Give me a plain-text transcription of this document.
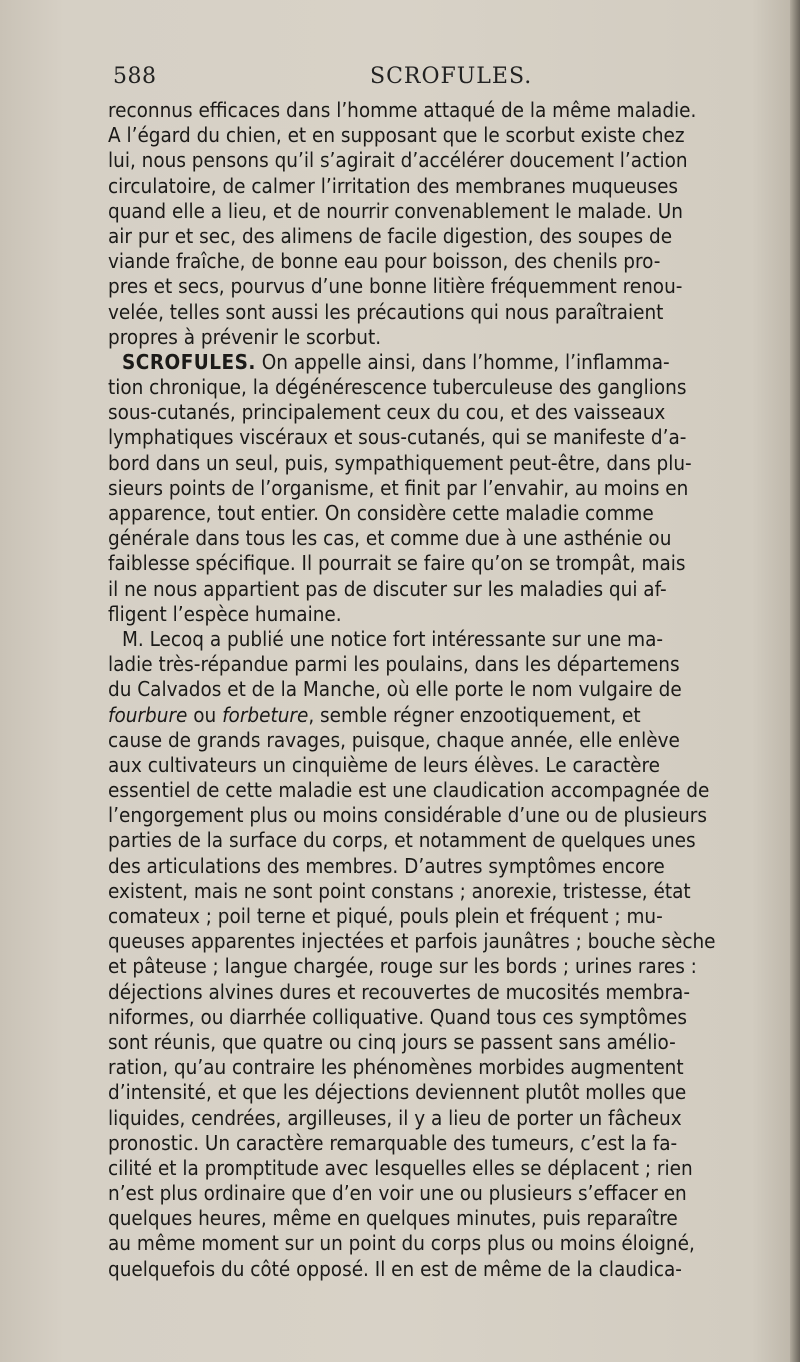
588	SCROFULES.
reconnus efficaces dans l’homme attaqué de la même maladie.
A l’égard du chien, et en supposant que le scorbut existe chez
lui, nous pensons qu’il s’agirait d’accélérer doucement l’action
circulatoire, de calmer l’irritation des membranes muqueuses
quand elle a lieu, et de nourrir convenablement le malade. Un
air pur et sec, des alimens de facile digestion, des soupes de
viande fraîche, de bonne eau pour boisson, des chenils pro-
pres et secs, pourvus d’une bonne litière fréquemment renou-
velée, telles sont aussi les précautions qui nous paraîtraient
propres à prévenir le scorbut.
SCROFULES. On appelle ainsi, dans l’homme, l’inflamma-
tion chronique, la dégénérescence tuberculeuse des ganglions
sous-cutanés, principalement ceux du cou, et des vaisseaux
lymphatiques viscéraux et sous-cutanés, qui se manifeste d’a-
bord dans un seul, puis, sympathiquement peut-être, dans plu-
sieurs points de l’organisme, et finit par l’envahir, au moins en
apparence, tout entier. On considère cette maladie comme
générale dans tous les cas, et comme due à une asthénie ou
faiblesse spécifique. Il pourrait se faire qu’on se trompât, mais
il ne nous appartient pas de discuter sur les maladies qui af-
fligent l’espèce humaine.
M. Lecoq a publié une notice fort intéressante sur une ma-
ladie très-répandue parmi les poulains, dans les départemens
du Calvados et de la Manche, où elle porte le nom vulgaire de
fourbure ou forbeture, semble régner enzootiquement, et
cause de grands ravages, puisque, chaque année, elle enlève
aux cultivateurs un cinquième de leurs élèves. Le caractère
essentiel de cette maladie est une claudication accompagnée de
l’engorgement plus ou moins considérable d’une ou de plusieurs
parties de la surface du corps, et notamment de quelques unes
des articulations des membres. D’autres symptômes encore
existent, mais ne sont point constans ; anorexie, tristesse, état
comateux ; poil terne et piqué, pouls plein et fréquent ; mu-
queuses apparentes injectées et parfois jaunâtres ; bouche sèche
et pâteuse ; langue chargée, rouge sur les bords ; urines rares :
déjections alvines dures et recouvertes de mucosités membra-
niformes, ou diarrhée colliquative. Quand tous ces symptômes
sont réunis, que quatre ou cinq jours se passent sans amélio-
ration, qu’au contraire les phénomènes morbides augmentent
d’intensité, et que les déjections deviennent plutôt molles que
liquides, cendrées, argilleuses, il y a lieu de porter un fâcheux
pronostic. Un caractère remarquable des tumeurs, c’est la fa-
cilité et la promptitude avec lesquelles elles se déplacent ; rien
n’est plus ordinaire que d’en voir une ou plusieurs s’effacer en
quelques heures, même en quelques minutes, puis reparaître
au même moment sur un point du corps plus ou moins éloigné,
quelquefois du côté opposé. Il en est de même de la claudica-
